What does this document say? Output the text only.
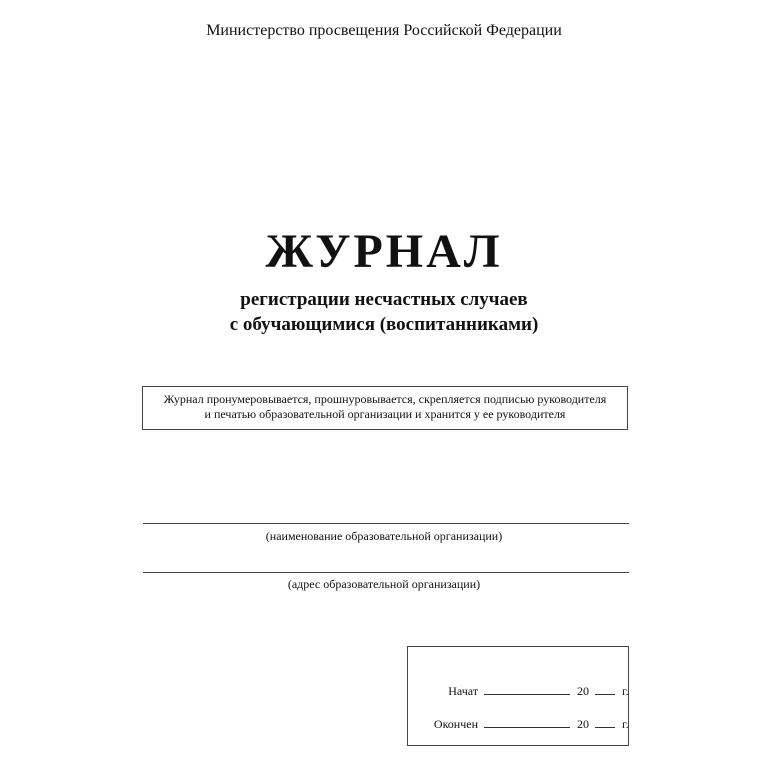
Министерство просвещения Российской Федерации
ЖУРНАЛ
регистрации несчастных случаев
с обучающимися (воспитанниками)
Журнал пронумеровывается, прошнуровывается, скрепляется подписью руководителя
и печатью образовательной организации и хранится у ее руководителя
(наименование образовательной организации)
(адрес образовательной организации)
Начат	20	г.
Окончен	20	г.
